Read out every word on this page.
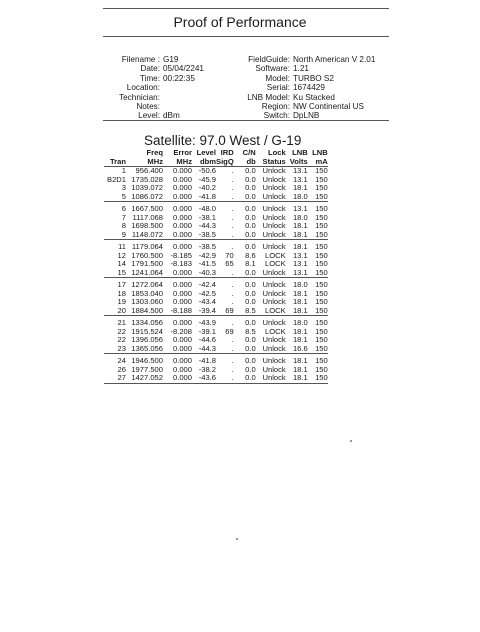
Proof of Performance
Filename : G19
Date: 05/04/2241
Time: 00:22:35
Location:
Technician:
Notes:
Level: dBm
FieldGuide: North American V 2.01
Software: 1.21
Model: TURBO S2
Serial: 1674429
LNB Model: Ku Stacked
Region: NW Continental US
Switch: DpLNB
Satellite: 97.0 West / G-19
	Freq	Error	Level	IRD	C/N	Lock	LNB	LNB
Tran	MHz	MHz	dbm	SigQ	db	Status	Volts	mA
1	956.400	0.000	-50.6	.	0.0	Unlock	13.1	150
B2D1	1735.028	0.000	-45.9	.	0.0	Unlock	13.1	150
3	1039.072	0.000	-40.2	.	0.0	Unlock	18.1	150
5	1086.072	0.000	-41.8	.	0.0	Unlock	18.0	150

6	1667.500	0.000	-48.0	.	0.0	Unlock	13.1	150
7	1117.068	0.000	-38.1	.	0.0	Unlock	18.0	150
8	1698.500	0.000	-44.3	.	0.0	Unlock	18.1	150
9	1148.072	0.000	-38.5	.	0.0	Unlock	18.1	150

11	1179.064	0.000	-38.5	.	0.0	Unlock	18.1	150
12	1760.500	-8.185	-42.9	70	8.6	LOCK	13.1	150
14	1791.500	-8.183	-41.5	65	8.1	LOCK	13.1	150
15	1241.064	0.000	-40.3	.	0.0	Unlock	13.1	150

17	1272.064	0.000	-42.4	.	0.0	Unlock	18.0	150
18	1853.040	0.000	-42.5	.	0.0	Unlock	18.1	150
19	1303.060	0.000	-43.4	.	0.0	Unlock	18.1	150
20	1884.500	-8.188	-39.4	69	8.5	LOCK	18.1	150

21	1334.056	0.000	-43.9	.	0.0	Unlock	18.0	150
22	1915.524	-8.208	-39.1	69	8.5	LOCK	18.1	150
22	1396.056	0.000	-44.6	.	0.0	Unlock	18.1	150
23	1365.056	0.000	-44.3	.	0.0	Unlock	16.6	150

24	1946.500	0.000	-41.8	.	0.0	Unlock	18.1	150
26	1977.500	0.000	-38.2	.	0.0	Unlock	18.1	150
27	1427.052	0.000	-43.6	.	0.0	Unlock	18.1	150
